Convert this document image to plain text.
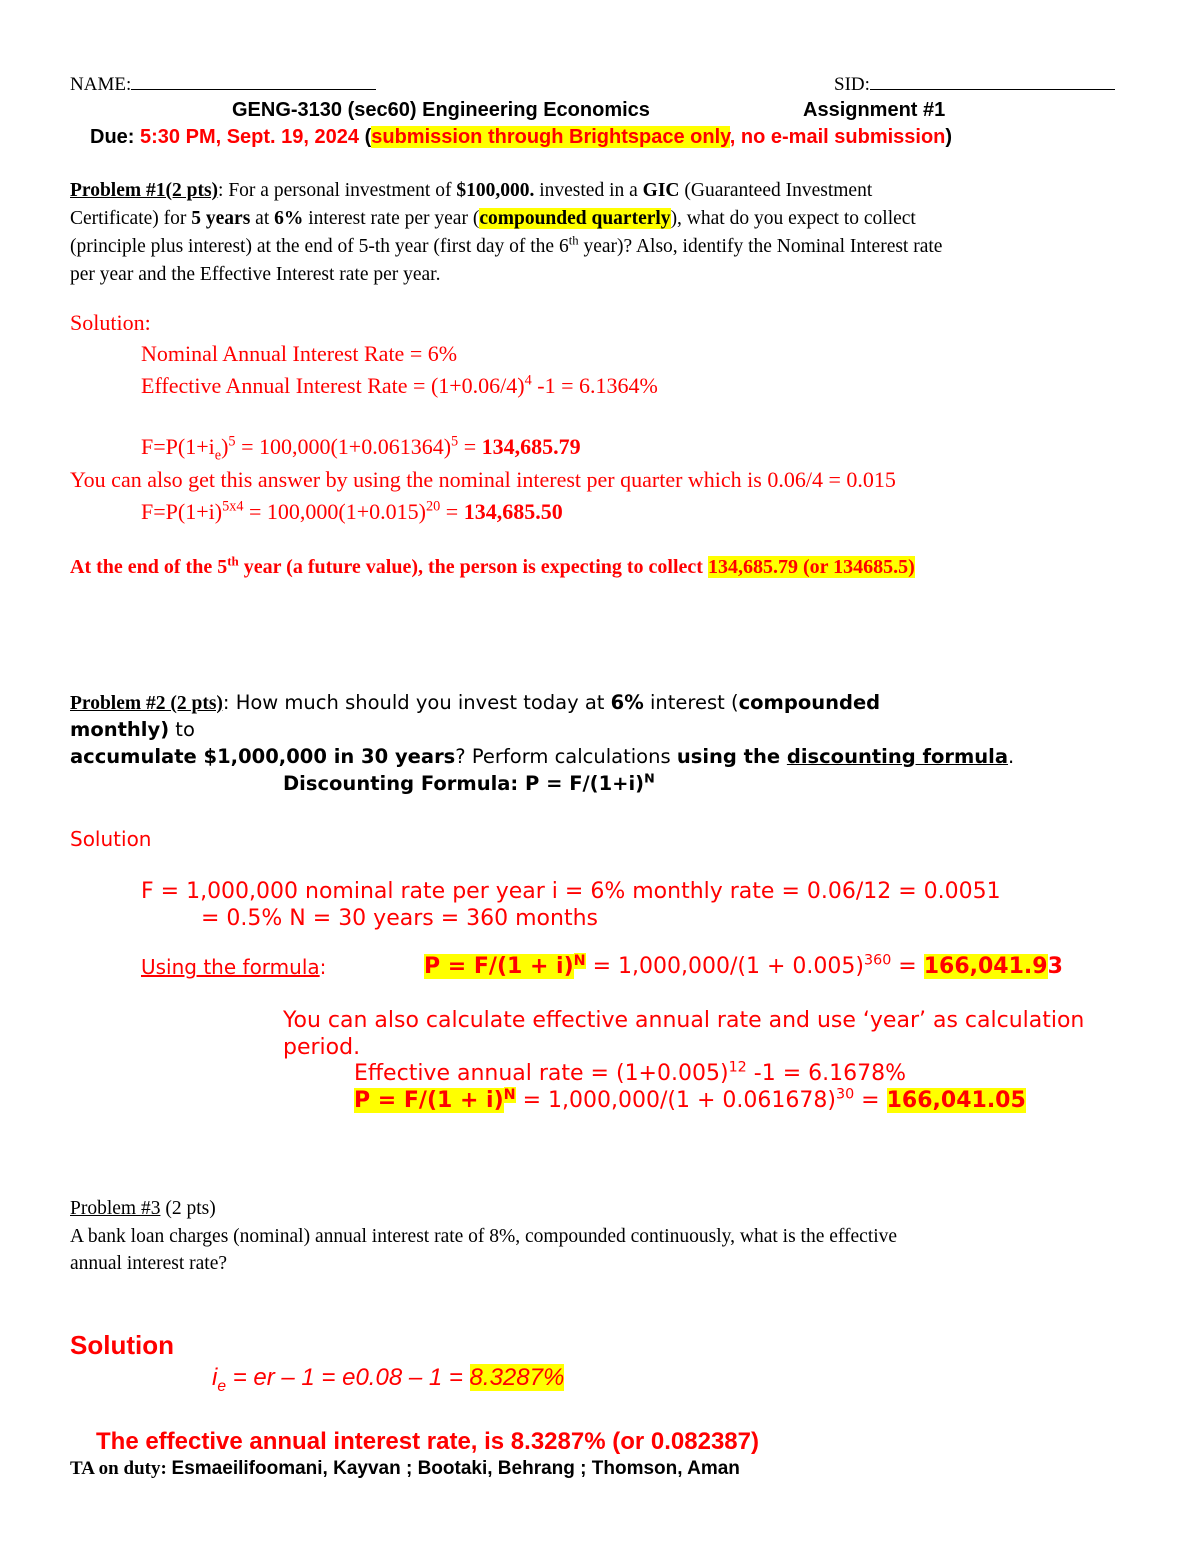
NAME:	SID:
GENG-3130 (sec60) Engineering Economics	Assignment #1
Due: 5:30 PM, Sept. 19, 2024 (submission through Brightspace only, no e-mail submission)
Problem #1(2 pts): For a personal investment of $100,000. invested in a GIC (Guaranteed Investment
Certificate) for 5 years at 6% interest rate per year (compounded quarterly), what do you expect to collect
(principle plus interest) at the end of 5-th year (first day of the 6th year)? Also, identify the Nominal Interest rate
per year and the Effective Interest rate per year.
Solution:
Nominal Annual Interest Rate = 6%
Effective Annual Interest Rate = $(1+0.06/4)^4$ -1 = 6.1364%
$F=P(1+i_e)^5 = 100,000(1+0.061364)^5 = 134,685.79$
You can also get this answer by using the nominal interest per quarter which is 0.06/4 = 0.015
$F=P(1+i)^{5x4} = 100,000(1+0.015)^{20} = 134,685.50$
At the end of the 5th year (a future value), the person is expecting to collect 134,685.79 (or 134685.5)
Problem #2 (2 pts): How much should you invest today at 6% interest (compounded
monthly) to
accumulate $1,000,000 in 30 years? Perform calculations using the discounting formula.
Discounting Formula: $P = F/(1+i)^N$
Solution
F = 1,000,000 nominal rate per year i = 6% monthly rate = 0.06/12 = 0.0051
= 0.5% N = 30 years = 360 months
Using the formula:	$P = F/(1 + i)^N = 1,000,000/(1 + 0.005)^{360} = 166,041.93$
You can also calculate effective annual rate and use ‘year’ as calculation
period.
Effective annual rate = $(1+0.005)^{12}$ -1 = 6.1678%
$P = F/(1 + i)^N = 1,000,000/(1 + 0.061678)^{30} = 166,041.05$
Problem #3 (2 pts)
A bank loan charges (nominal) annual interest rate of 8%, compounded continuously, what is the effective
annual interest rate?
Solution
$i_e$ = er – 1 = e0.08 – 1 = 8.3287%
The effective annual interest rate, is 8.3287% (or 0.082387)
TA on duty: Esmaeilifoomani, Kayvan ; Bootaki, Behrang ; Thomson, Aman
